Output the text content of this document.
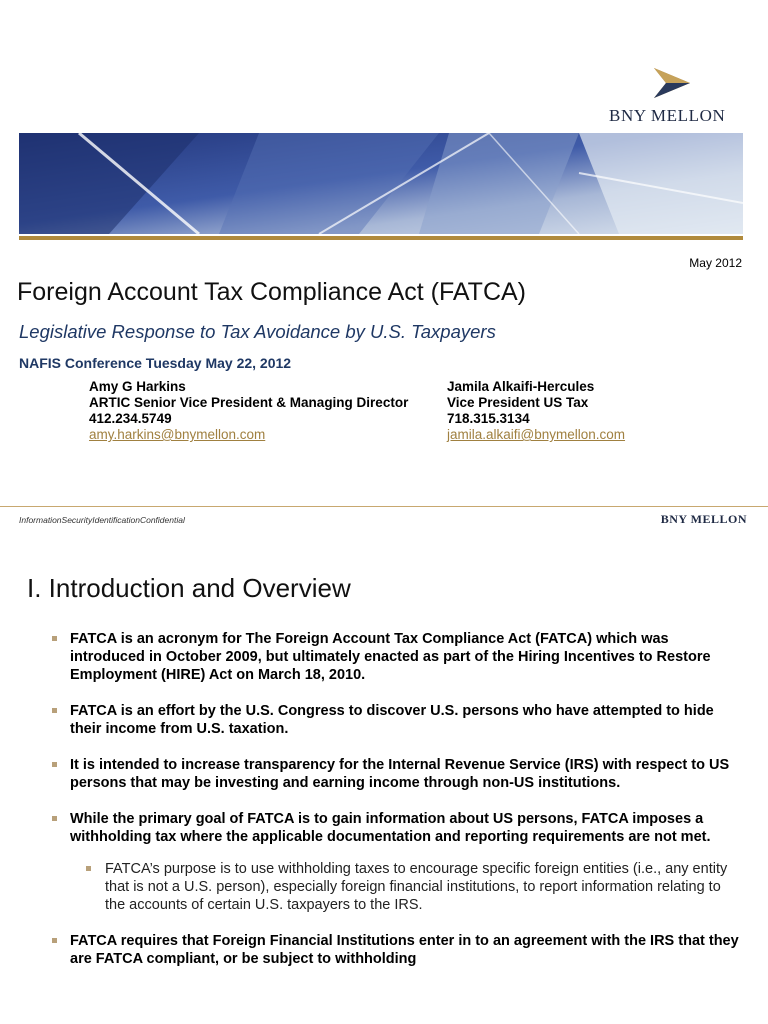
BNY MELLON
May 2012
Foreign Account Tax Compliance Act (FATCA)
Legislative Response to Tax Avoidance by U.S. Taxpayers
NAFIS Conference Tuesday May 22, 2012
Amy G Harkins
ARTIC Senior Vice President & Managing Director
412.234.5749
amy.harkins@bnymellon.com
Jamila Alkaifi-Hercules
Vice President US Tax
718.315.3134
jamila.alkaifi@bnymellon.com
InformationSecurityIdentificationConfidential	BNY MELLON
I. Introduction and Overview
FATCA is an acronym for The Foreign Account Tax Compliance Act (FATCA) which was introduced in October 2009, but ultimately enacted as part of the Hiring Incentives to Restore Employment (HIRE) Act on March 18, 2010.
FATCA is an effort by the U.S. Congress to discover U.S. persons who have attempted to hide their income from U.S. taxation.
It is intended to increase transparency for the Internal Revenue Service (IRS) with respect to US persons that may be investing and earning income through non-US institutions.
While the primary goal of FATCA is to gain information about US persons, FATCA imposes a withholding tax where the applicable documentation and reporting requirements are not met.
FATCA’s purpose is to use withholding taxes to encourage specific foreign entities (i.e., any entity that is not a U.S. person), especially foreign financial institutions, to report information relating to the accounts of certain U.S. taxpayers to the IRS.
FATCA requires that Foreign Financial Institutions enter in to an agreement with the IRS that they are FATCA compliant, or be subject to withholding
